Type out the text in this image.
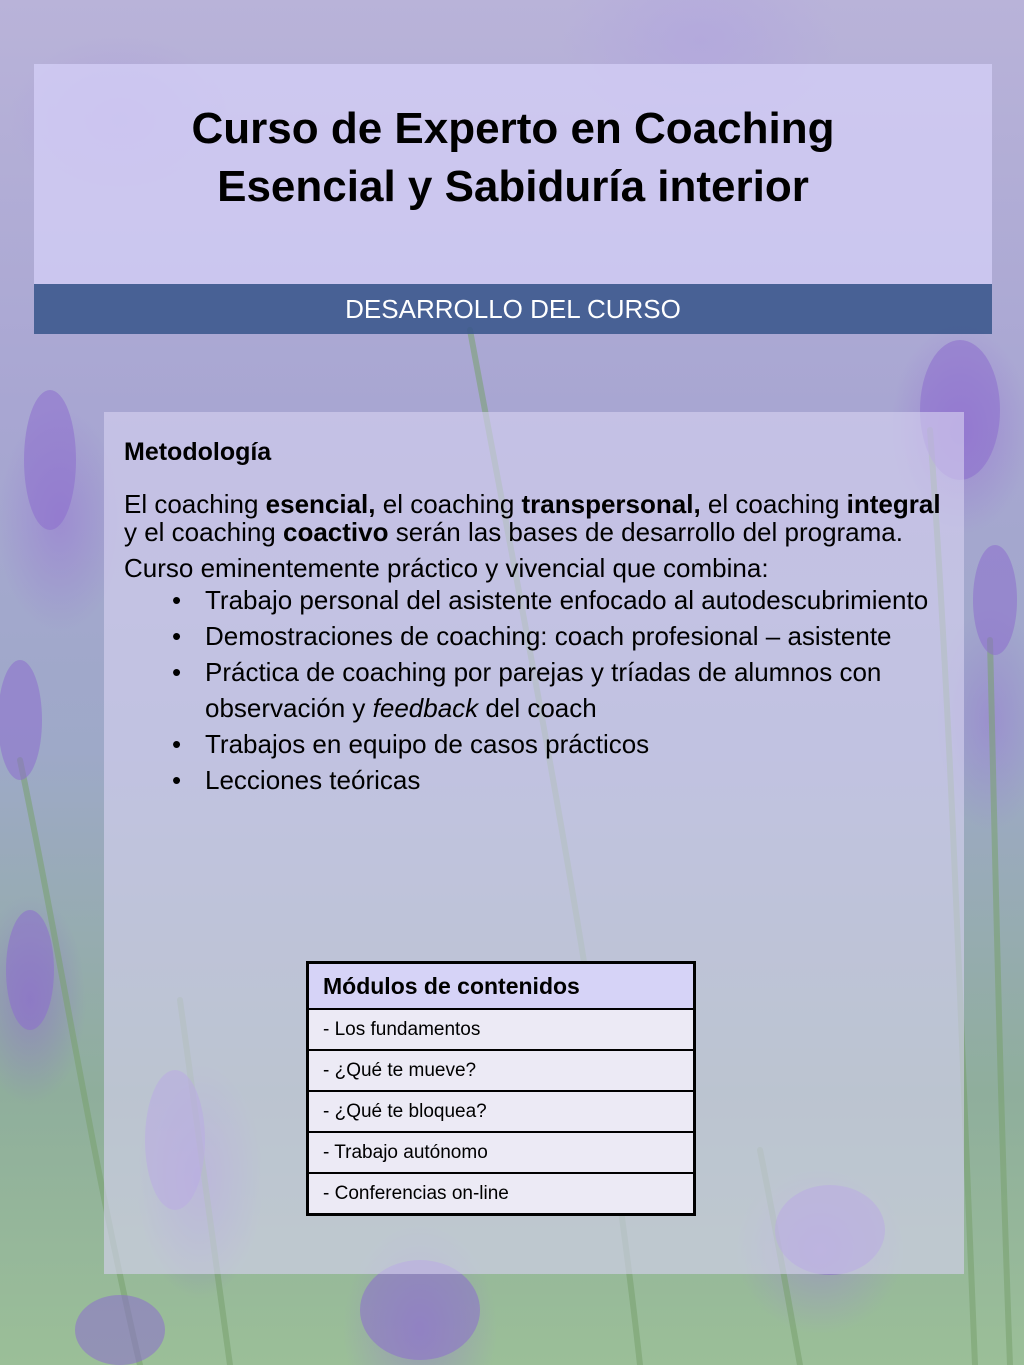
Curso de Experto en Coaching
Esencial y Sabiduría interior
DESARROLLO DEL CURSO

Metodología

El coaching esencial, el coaching transpersonal, el coaching integral y el coaching coactivo serán las bases de desarrollo del programa.

Curso eminentemente práctico y vivencial que combina:

• Trabajo personal del asistente enfocado al autodescubrimiento
• Demostraciones de coaching: coach profesional – asistente
• Práctica de coaching por parejas y tríadas de alumnos con observación y feedback del coach
• Trabajos en equipo de casos prácticos
• Lecciones teóricas
Módulos de contenidos
- Los fundamentos
- ¿Qué te mueve?
- ¿Qué te bloquea?
- Trabajo autónomo
- Conferencias on-line
